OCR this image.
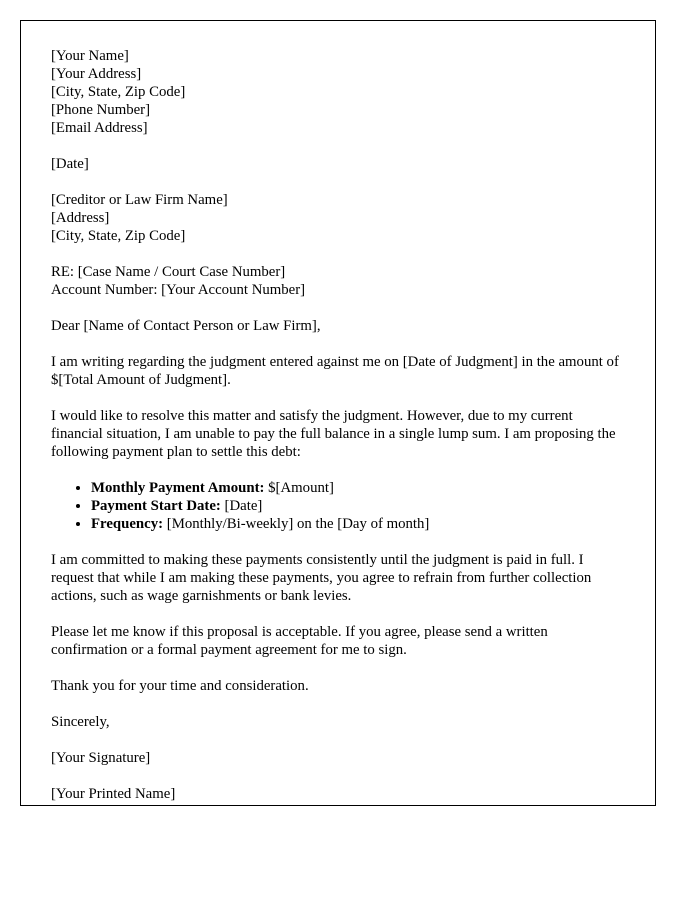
[Your Name]

[Your Address]

[City, State, Zip Code]

[Phone Number]

[Email Address]

[Date]

[Creditor or Law Firm Name]

[Address]

[City, State, Zip Code]

RE: [Case Name / Court Case Number]

Account Number: [Your Account Number]

Dear [Name of Contact Person or Law Firm],

I am writing regarding the judgment entered against me on [Date of Judgment] in the amount of $[Total Amount of Judgment].

I would like to resolve this matter and satisfy the judgment. However, due to my current financial situation, I am unable to pay the full balance in a single lump sum. I am proposing the following payment plan to settle this debt:

• Monthly Payment Amount: $[Amount]
• Payment Start Date: [Date]
• Frequency: [Monthly/Bi-weekly] on the [Day of month]

I am committed to making these payments consistently until the judgment is paid in full. I request that while I am making these payments, you agree to refrain from further collection actions, such as wage garnishments or bank levies.

Please let me know if this proposal is acceptable. If you agree, please send a written confirmation or a formal payment agreement for me to sign.

Thank you for your time and consideration.

Sincerely,

[Your Signature]

[Your Printed Name]
